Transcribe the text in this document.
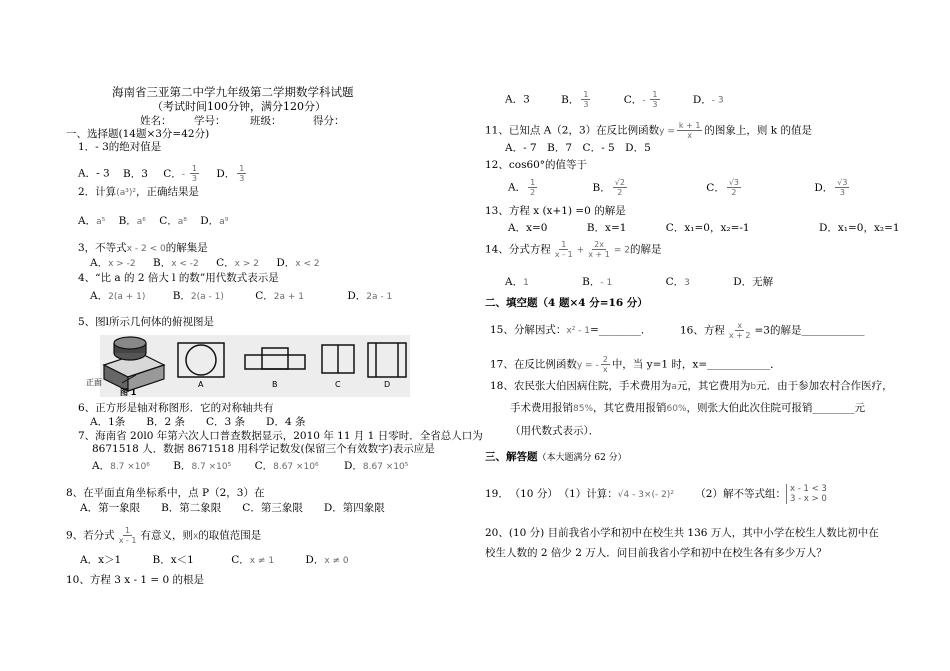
海南省三亚第二中学九年级第二学期数学科试题
（考试时间100分钟，满分120分）
姓名： 学号： 班级：	得分：
一、选择题(14题×3分=42分)
1．- 3的绝对值是
A．- 3 B．3 C．- $\frac{1}{3}$ D． $\frac{1}{3}$
2．计算(a³)²，正确结果是
A．a⁵ B．a⁶ C．a⁸ D．a⁹
3，不等式x - 2 < 0的解集是
A．x > -2 B．x < -2 C．x > 2 D．x < 2
4、“比 a 的 2 倍大 l 的数”用代数式表示是
A．2(a + 1)	B．2(a - 1)	C．2a + 1	D．2a - 1
5、图l所示几何体的俯视图是
正面
图 1
A	B	C	D
6、正方形是轴对称图形．它的对称轴共有
A．1条　　B．2 条　　C．3 条　　D．4 条
7、海南省 20l0 年第六次人口普查数据显示，2010 年 11 月 1 日零时．全省总人口为
8671518 人．数据 8671518 用科学记数发(保留三个有效数字)表示应是
A．8.7 ×10⁶ B．8.7 ×10⁵ C．8.67 ×10⁶ D．8.67 ×10⁵
8、在平面直角坐标系中，点 P（2，3）在
A．第一象限　　B．第二象限　　C．第三象限　　D．第四象限
9、若分式 $\frac{1}{x - 1}$ 有意义，则x的取值范围是
A．x＞1	B．x＜1	C．x ≠ 1	D．x ≠ 0
10、方程 3 x - 1 = 0 的根是
A．3	B． $\frac{1}{3}$	C．- $\frac{1}{3}$	D．- 3
11、已知点 A（2，3）在反比例函数$y = \frac{k + 1}{x}$ 的图象上，则 k 的值是
A．- 7　B．7　C．- 5　D．5
12、cos60°的值等于
A． $\frac{1}{2}$	B． $\frac{√2}{2}$	C． $\frac{√3}{2}$	D． $\frac{√3}{3}$
13、方程 x (x+1) =0 的解是
A．x=0	B．x=1	C．x₁=0，x₂=-1	D．x₁=0，x₂=1
14、分式方程 $\frac{1}{x - 1} + \frac{2x}{x + 1} = 2$的解是
A．1	B．- 1	C．3	D．无解
二、填空题（4 题×4 分=16 分）
15、分解因式：x² - 1=________．	16、方程 $\frac{x}{x + 2} =3$的解是____________
17、在反比例函数y = - $\frac{2}{x}$ 中，当 y=1 时，x=____________．
18、农民张大伯因病住院，手术费用为a元，其它费用为b元．由于参加农村合作医疗，
手术费用报销85%，其它费用报销60%，则张大伯此次住院可报销________元
（用代数式表示）．
三、解答题（本大题满分 62 分）
19． （10 分） （1）计算：√4 - 3×(- 2)² （2）解不等式组： x - 1 < 3
3 - x > 0
20、(10 分) 目前我省小学和初中在校生共 136 万人，其中小学在校生人数比初中在
校生人数的 2 倍少 2 万人．问目前我省小学和初中在校生各有多少万人？
